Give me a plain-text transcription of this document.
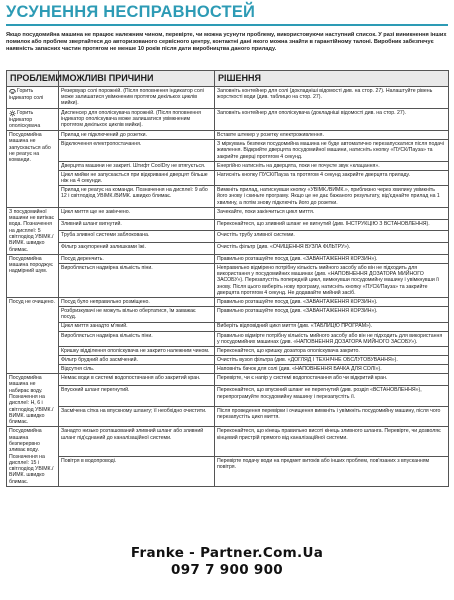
УСУНЕННЯ НЕСПРАВНОСТЕЙ
Якщо посудомийна машина не працює належним чином, перевірте, чи можна усунути проблему, використовуючи наступний список. У разі виникнення інших помилок або проблем звертайтеся до авторизованого сервісного центру, контактні дані якого можна знайти в гарантійному талоні. Виробник забезпечує наявність запасних частин протягом не менше 10 років після дати виробництва даного приладу.
ПРОБЛЕМИ	МОЖЛИВІ ПРИЧИНИ	РІШЕННЯ
Горить індикатор солі	Резервуар солі порожній. (Після поповнення індикатор солі може залишатися увімкненим протягом декількох циклів мийки).	Заповніть контейнер для солі (докладніші відомості див. на стор. 27). Налаштуйте рівень жорсткості води (див. таблицю на стор. 27).
Горить індикатор ополіскувача	Диспенсер для ополіскувача порожній. (Після поповнення індикатор ополіскувача може залишатися увімкненим протягом декількох циклів мийки).	Заповніть контейнер для ополіскувача (докладніші відомості див. на стор. 27).

Посудомийна машина не запускається або не реагує на команди.	Прилад не підключений до розетки.	Вставте штекер у розетку електроживлення.
	Відключення електропостачання.	З міркувань безпеки посудомийна машина не буде автоматично перезапускатися після подачі живлення. Відкрийте дверцята посудомийної машини, натисніть кнопку «ПУСК/Пауза» та закрийте дверці протягом 4 секунд.
	Дверцята машини не закриті. Штифт CoolDry не втягується.	Енергійно натисніть на дверцята, поки не почуєте звук «клацання».
	Цикл мийки не запускається при відкриванні дверцят більше ніж на 4 секунди.	Натисніть кнопку ПУСК/Пауза та протягом 4 секунд закрийте дверцята приладу.
	Прилад не реагує на команди. Позначення на дисплеї: 9 або 12 і світлодіод УВІМК./ВИМК. швидко блимає.	Вимкніть прилад, натиснувши кнопку «УВІМК./ВИМК.», приблизно через хвилину увімкніть його знову і скиньте програму. Якщо це не дає бажаного результату, від'єднайте прилад на 1 хвилину, а потім знову підключіть його до розетки.

З посудомийної машини не витікає вода. Позначення на дисплеї: 5 світлодіод УВІМК./ВИМК. швидко блимає.	Цикл миття ще не закінчено.	Зачекайте, поки закінчиться цикл миття.
	Зливний шланг вигнутий.	Переконайтеся, що зливний шланг не вигнутий (див. ІНСТРУКЦІЮ З ВСТАНОВЛЕННЯ).
	Труба зливної системи заблокована.	Очистіть трубу зливної системи.
	Фільтр закупорений залишками їжі.	Очистіть фільтр (див. «ОЧИЩЕННЯ ВУЗЛА ФІЛЬТРУ»).

Посудомийна машина породжує надмірний шум.	Посуд деренчить.	Правильно розташуйте посуд (див. «ЗАВАНТАЖЕННЯ КОРЗИН»).
	Виробляється надмірна кількість піни.	Неправильно відмірено потрібну кількість мийного засобу або він не підходить для використання у посудомийних машинах (див. «НАПОВНЕННЯ ДОЗАТОРА МИЙНОГО ЗАСОБУ»). Перезапустіть попередній цикл, вимкнувши посудомийну машину і увімкнувши її знову. Після цього виберіть нову програму, натисніть кнопку «ПУСК/Пауза» та закрийте дверцята протягом 4 секунд. Не додавайте мийний засіб.

Посуд не очищено.	Посуд було неправильно розміщено.	Правильно розташуйте посуд (див. «ЗАВАНТАЖЕННЯ КОРЗИН»).
	Розбризкувачі не можуть вільно обертатися, їм заважає посуд.	Правильно розташуйте посуд (див. «ЗАВАНТАЖЕННЯ КОРЗИН»).
	Цикл миття занадто м'який.	Виберіть відповідний цикл миття (див. «ТАБЛИЦЮ ПРОГРАМ»).
	Виробляється надмірна кількість піни.	Правильно відмірте потрібну кількість мийного засобу або він не підходить для використання у посудомийних машинах (див. «НАПОВНЕННЯ ДОЗАТОРА МИЙНОГО ЗАСОБУ»).
	Кришку відділення ополіскувача не закрито належним чином.	Переконайтеся, що кришку дозатора ополіскувача закрито.
	Фільтр брудний або засмічений.	Очистіть вузол фільтра (див. «ДОГЛЯД І ТЕХНІЧНЕ ОБСЛУГОВУВАННЯ»).
	Відсутня сіль.	Наповніть бачок для солі (див. «НАПОВНЕННЯ БАЧКА ДЛЯ СОЛІ»).

Посудомийна машина не набирає воду. Позначення на дисплеї: H, 6 і світлодіод УВІМК./ВИМК. швидко блимає.	Немає води в системі водопостачання або закритий кран.	Перевірте, чи є напір у системі водопостачання або чи відкритий кран.
	Впускний шланг перегнутий.	Переконайтеся, що впускний шланг не перегнутий (див. розділ «ВСТАНОВЛЕННЯ»), перепрограмуйте посудомийну машину і перезапустіть її.
	Засмічена сітка на впускному шлангу; її необхідно очистити.	Після проведення перевірки і очищення вимкніть і увімкніть посудомийну машину, після чого перезапустіть цикл миття.

Посудомийна машина безперервно зливає воду. Позначення на дисплеї: 15 і світлодіод УВІМК./ВИМК. швидко блимає.	Занадто низько розташований зливний шланг або зливний шланг під'єднаний до каналізаційної системи.	Переконайтеся, що кінець правильно висоті кінець зливного шланга. Перевірте, чи дозволяє кінцевий пристрій прямого від каналізаційної системи.
	Повітря в водопроводі.	Перевірте подачу води на предмет витоків або інших проблем, пов'язаних з впусканням повітря.
Franke - Partner.Com.Ua
097 7 900 900
